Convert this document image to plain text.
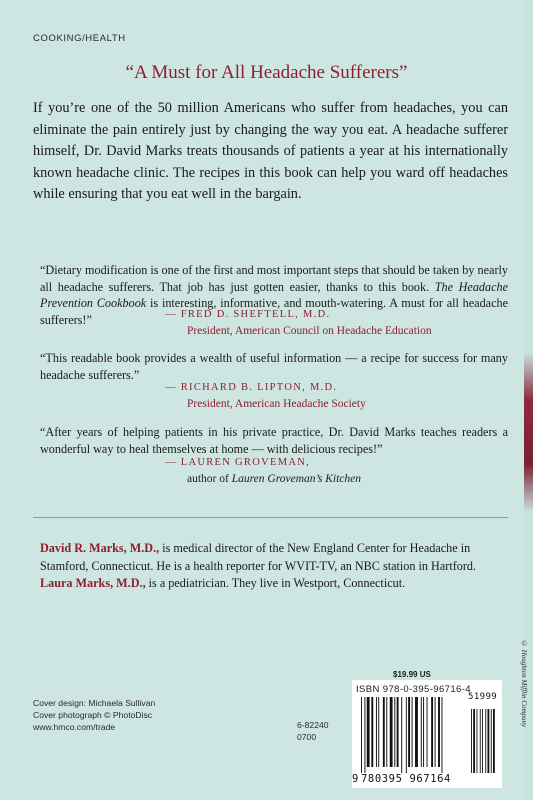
COOKING/HEALTH
“A Must for All Headache Sufferers”

If you’re one of the 50 million Americans who suffer from headaches, you can eliminate the pain entirely just by changing the way you eat. A headache sufferer himself, Dr. David Marks treats thousands of patients a year at his internationally known headache clinic. The recipes in this book can help you ward off headaches while ensuring that you eat well in the bargain.

“Dietary modification is one of the first and most important steps that should be taken by nearly all headache sufferers. That job has just gotten easier, thanks to this book. The Headache Prevention Cookbook is interesting, informative, and mouth-watering. A must for all headache sufferers!”	— FRED D. SHEFTELL, M.D.
President, American Council on Headache Education

“This readable book provides a wealth of useful information — a recipe for success for many headache sufferers.”

— RICHARD B. LIPTON, M.D.
President, American Headache Society

“After years of helping patients in his private practice, Dr. David Marks teaches readers a wonderful way to heal themselves at home — with delicious recipes!”

— LAUREN GROVEMAN,
author of Lauren Groveman’s Kitchen

David R. Marks, M.D., is medical director of the New England Center for Headache in Stamford, Connecticut. He is a health reporter for WVIT-TV, an NBC station in Hartford. Laura Marks, M.D., is a pediatrician. They live in Westport, Connecticut.

Cover design: Michaela Sullivan
Cover photograph © PhotoDisc
www.hmco.com/trade	6-82240
0700
$19.99 US
ISBN 978-0-395-96716-4
9 780395 967164
51999	© Houghton Mifflin Company
